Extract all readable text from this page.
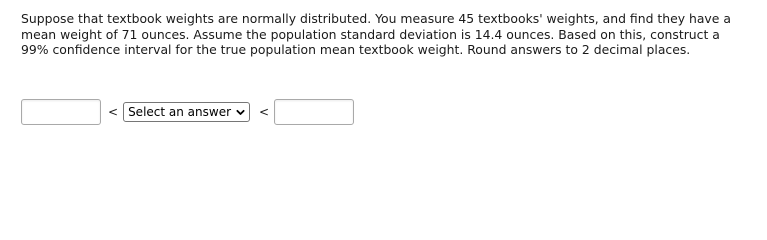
Suppose that textbook weights are normally distributed. You measure 45 textbooks' weights, and find they have a mean weight of 71 ounces. Assume the population standard deviation is 14.4 ounces. Based on this, construct a 99% confidence interval for the true population mean textbook weight. Round answers to 2 decimal places.

< Select an answer <
